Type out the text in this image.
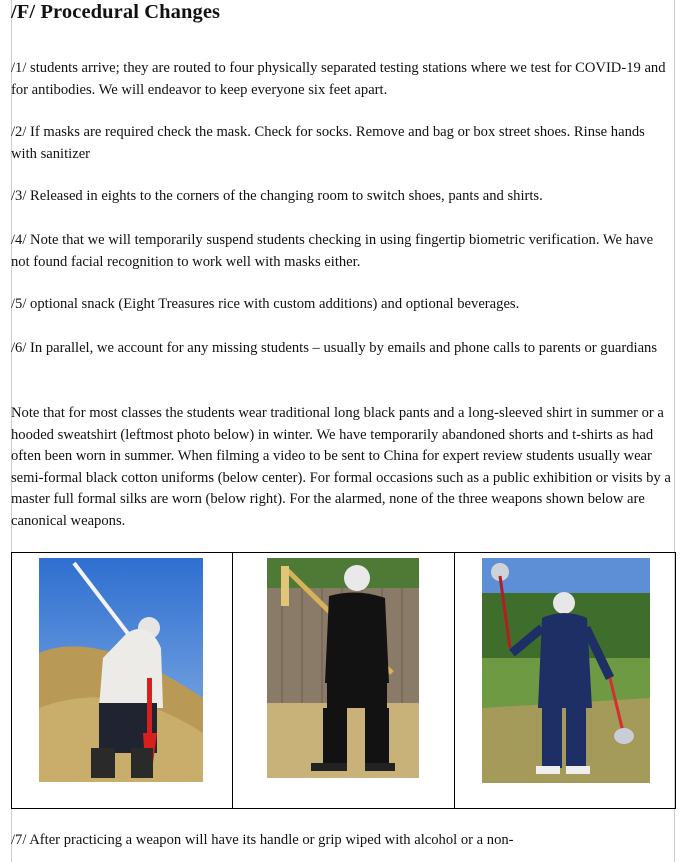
/F/ Procedural Changes

/1/ students arrive; they are routed to four physically separated testing stations where we test for COVID-19 and for antibodies. We will endeavor to keep everyone six feet apart.

/2/ If masks are required check the mask. Check for socks. Remove and bag or box street shoes. Rinse hands with sanitizer

/3/ Released in eights to the corners of the changing room to switch shoes, pants and shirts.

/4/ Note that we will temporarily suspend students checking in using fingertip biometric verification. We have not found facial recognition to work well with masks either.

/5/ optional snack (Eight Treasures rice with custom additions) and optional beverages.

/6/ In parallel, we account for any missing students – usually by emails and phone calls to parents or guardians

Note that for most classes the students wear traditional long black pants and a long-sleeved shirt in summer or a hooded sweatshirt (leftmost photo below) in winter. We have temporarily abandoned shorts and t-shirts as had often been worn in summer. When filming a video to be sent to China for expert review students usually wear semi-formal black cotton uniforms (below center). For formal occasions such as a public exhibition or visits by a master full formal silks are worn (below right). For the alarmed, none of the three weapons shown below are canonical weapons.

/7/ After practicing a weapon will have its handle or grip wiped with alcohol or a non-
